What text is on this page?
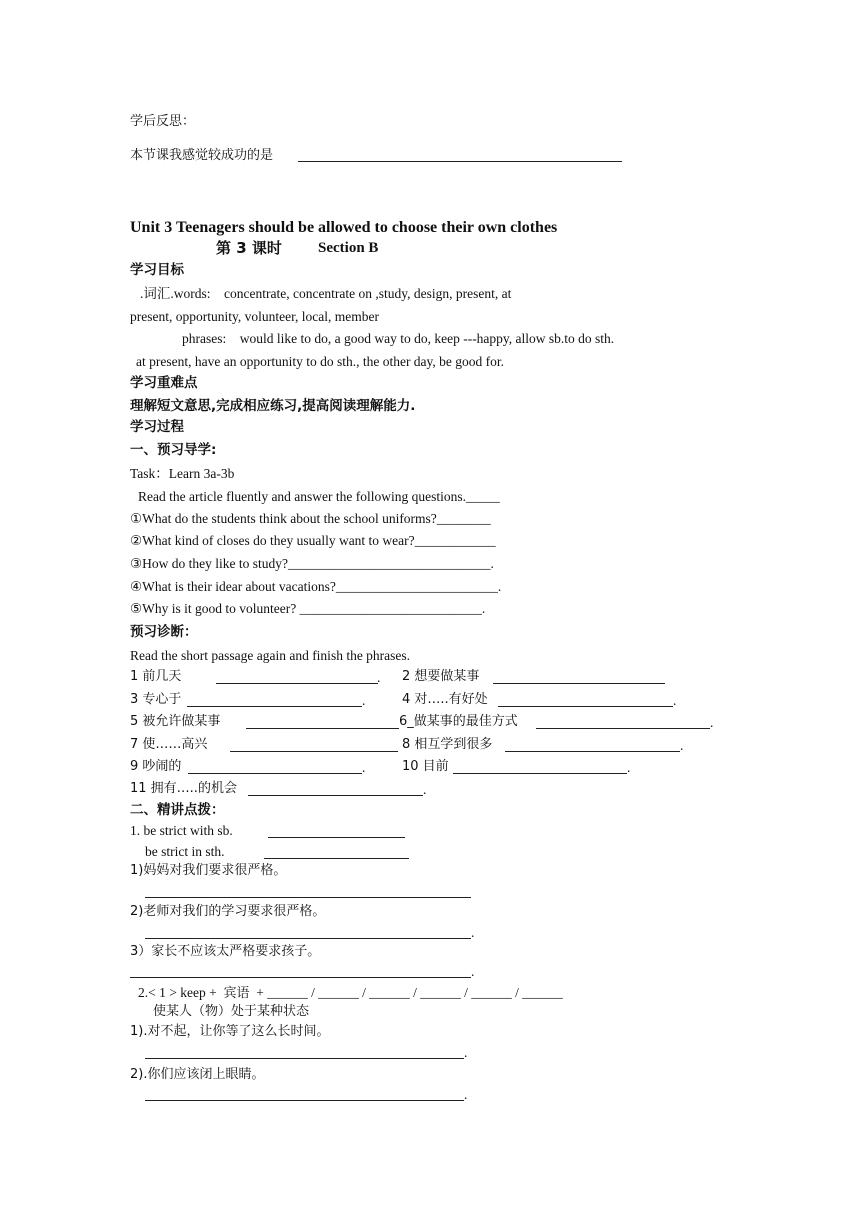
学后反思：
本节课我感觉较成功的是
Unit 3 Teenagers should be allowed to choose their own clothes
第 3 课时 Section B
学习目标
.词汇.words:    concentrate, concentrate on ,study, design, present, at
present, opportunity, volunteer, local, member
phrases:    would like to do, a good way to do, keep ---happy, allow sb.to do sth.
at present, have an opportunity to do sth., the other day, be good for.
学习重难点
理解短文意思,完成相应练习,提高阅读理解能力.
学习过程
一、预习导学:
Task：Learn 3a-3b
Read the article fluently and answer the following questions._____
①What do the students think about the school uniforms?________
②What kind of closes do they usually want to wear?____________
③How do they like to study?______________________________.
④What is their idear about vacations?________________________.
⑤Why is it good to volunteer? ___________________________.
预习诊断：
Read the short passage again and finish the phrases.
1 前几天	. 2 想要做某事
3 专心于	.	4 对…..有好处	.
5 被允许做某事	6_做某事的最佳方式	.
7 使……高兴	8 相互学到很多	.
9 吵闹的	.	10 目前	.
11 拥有…..的机会	.
二、精讲点拨：
1. be strict with sb.
be strict in sth.
1)妈妈对我们要求很严格。
2)老师对我们的学习要求很严格。
.
3）家长不应该太严格要求孩子。
.
2.< 1 > keep +  宾语  + ______ / ______ / ______ / ______ / ______ / ______
使某人（物）处于某种状态
1).对不起，让你等了这么长时间。
.
2).你们应该闭上眼睛。
.
